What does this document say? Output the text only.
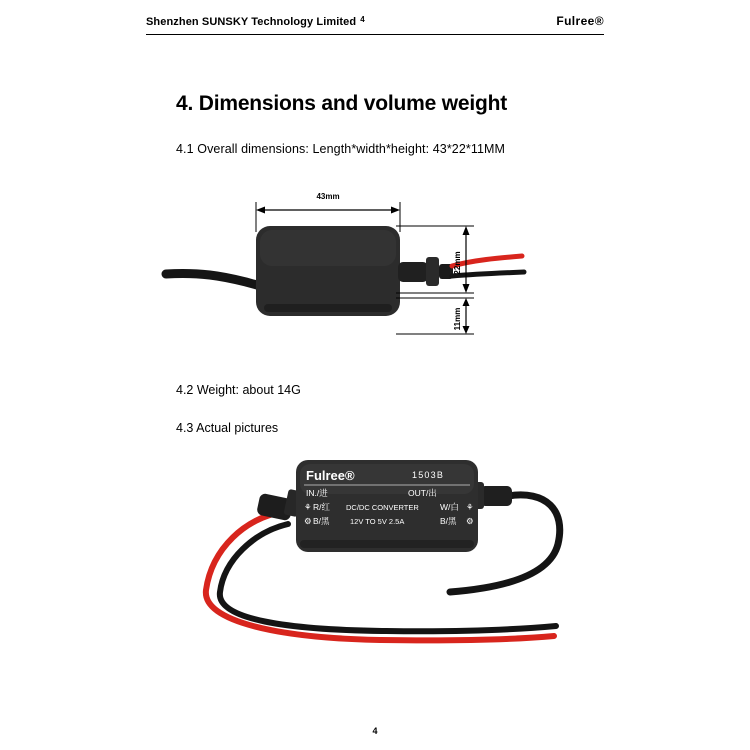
Shenzhen SUNSKY Technology Limited $^4$	Fulree®
4. Dimensions and volume weight

4.1 Overall dimensions: Length*width*height: 43*22*11MM

4.2 Weight: about 14G

4.3 Actual pictures

43mm
22mm
11mm
Fulree®	1503B
IN./进	OUT/出
⚘ R/红 DC/DC CONVERTER W/白 ⚘
⚙ B/黑	12V TO 5V 2.5A	B/黑 ⚙
4
